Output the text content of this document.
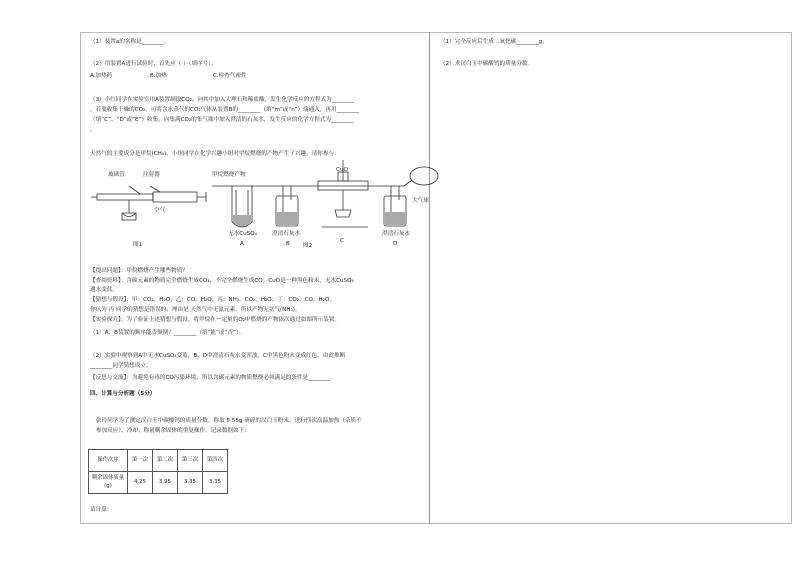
（1）装置a的名称是________。
（2）用装置A进行试验时，首先应（ ）（填序号）。
A.加热药	B.加热	C.检查气密性
（3）小红同学在实验室用A装置制取CO₂。向其中加入大理石和稀盐酸，发生化学反应的方程式为________
，若要收集干燥的CO₂，可将含水蒸气的CO₂气体从装置B的________（填“m”或“n”）端通入，再用________
（填“C”、“D”或“E”）收集。向集满CO₂的集气瓶中加入澄清的石灰水，发生反应的化学方程式为________
。
天然气的主要成分是甲烷(CH₄)，小组同学在化学兴趣小组对甲烷燃烧的产物产生了兴趣，请你参与：
玻璃管	注射器
空气
图1
甲烷燃烧产物
CuO
无水CuSO₄
A
澄清石灰水
B 图2
C
澄清石灰水
D
大气球
【提出问题】：甲烷燃烧产生哪些物质？
【查阅资料】：含碳元素的物质完全燃烧生成CO₂，不完全燃烧生成CO；CuO是一种黑色粉末，无水CuSO₄
遇水变蓝。
【猜想与假设】：甲：CO₂、H₂O；乙：CO、H₂O；丙：NH₃、CO₂、H₂O；丁：CO₂、CO、H₂O。
你认为 丙 同学的猜想是错误的，理由是 天然气中无氮元素，所以产物无氨气(NH₃)。
【实验探究】：为了验证上述猜想与假设，将甲烷在一定量的O₂中燃烧的产物依次通过如图所示装置。
（1）A、B装置的顺序能否颠倒？________（填“能”或“否”）。
（2）实验中观察到A中无水CuSO₄变蓝，B、D中澄清石灰水变浑浊，C中黑色粉末变成红色，由此推断
________同学猜想成立。
【反思与交流】：为避免有毒的CO污染环境，所以含碳元素的物质燃烧必须满足的条件是________。
四、计算与分析题（5分）
张玲同学为了测定汉白玉中碳酸钙的质量分数，称取 5.55g 研碎的汉白玉粉末，进行四次高温加热（杂质不
参加反应）、冷却、称量剩余固体的重复操作。记录数据如下：
操作次序	第一次	第二次	第三次	第四次
剩余固体质量(g)	4.25	3.95	3.35	3.35
请计算：
（1）完全反应后生成二氧化碳________g。
（2）求汉白玉中碳酸钙的质量分数。
